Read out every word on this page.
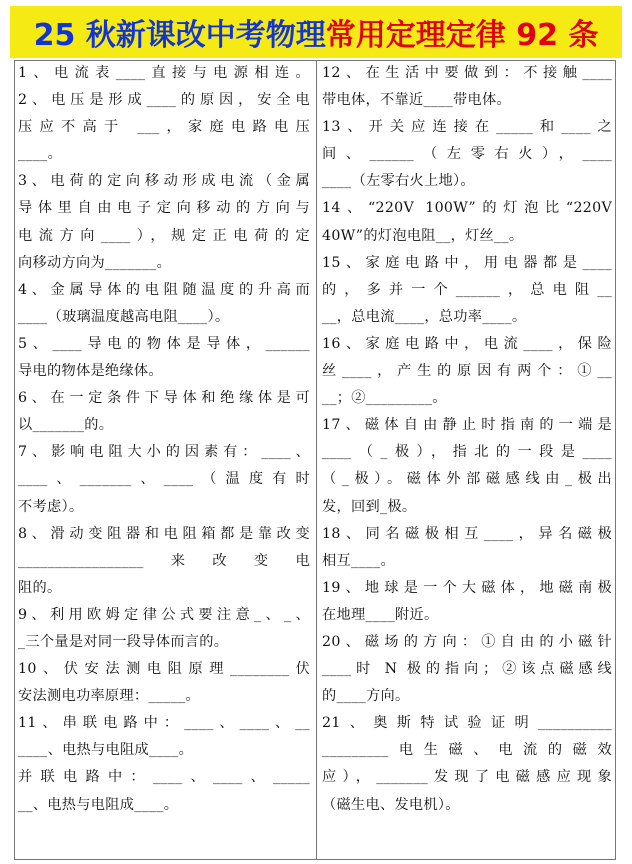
25 秋新课改中考物理 常用定理定律 92 条
1、电流表____直接与电源相连。
2、电压是形成____的原因，安全电
压应不高于 ___，家庭电路电压
____。
3、电荷的定向移动形成电流（金属
导体里自由电子定向移动的方向与
电流方向____），规定正电荷的定
向移动方向为_______。
4、金属导体的电阻随温度的升高而
____（玻璃温度越高电阻____）。
5、____导电的物体是导体，______
导电的物体是绝缘体。
6、在一定条件下导体和绝缘体是可
以_______的。
7、影响电阻大小的因素有：____、
____、_______、____（温度有时
不考虑）。
8、滑动变阻器和电阻箱都是靠改变
_________________来改变电
阻的。
9、利用欧姆定律公式要注意_、_、
_三个量是对同一段导体而言的。
10、伏安法测电阻原理________伏
安法测电功率原理：_____。
11、串联电路中：____、____、__
____、电热与电阻成____。
并联电路中：____、____、_____
__、电热与电阻成____。
12、在生活中要做到：不接触____
带电体，不靠近____带电体。
13、开关应连接在_____和____之
间、______（左零右火），____
____（左零右火上地）。
14、“220V 100W”的灯泡比“220V
40W”的灯泡电阻__，灯丝__。
15、家庭电路中，用电器都是____
的，多并一个______，总电阻__
__，总电流____，总功率____。
16、家庭电路中，电流____，保险
丝____，产生的原因有两个：①__
__；②_________。
17、磁体自由静止时指南的一端是
____（_极），指北的一段是____
（_极）。磁体外部磁感线由_极出
发，回到_极。
18、同名磁极相互____，异名磁极
相互____。
19、地球是一个大磁体，地磁南极
在地理____附近。
20、磁场的方向：①自由的小磁针
____时 N 极的指向；②该点磁感线
的____方向。
21、奥斯特试验证明__________
_________电生磁、电流的磁效
应），_______发现了电磁感应现象
（磁生电、发电机）。
